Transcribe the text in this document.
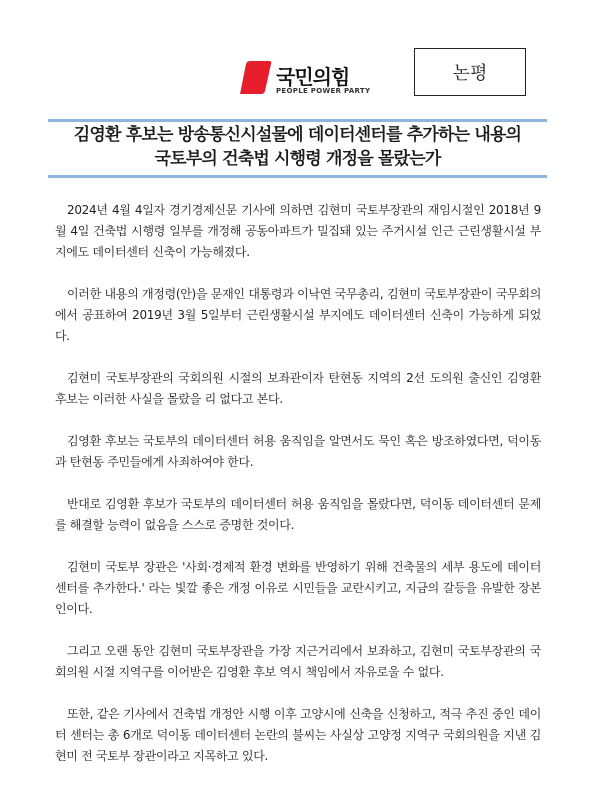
국민의힘
PEOPLE POWER PARTY
논평
김영환 후보는 방송통신시설물에 데이터센터를 추가하는 내용의
국토부의 건축법 시행령 개정을 몰랐는가

2024년 4월 4일자 경기경제신문 기사에 의하면 김현미 국토부장관의 재임시절인 2018년 9월 4일 건축법 시행령 일부를 개정해 공동아파트가 밀집돼 있는 주거시설 인근 근린생활시설 부지에도 데이터센터 신축이 가능해졌다.

이러한 내용의 개정령(안)을 문재인 대통령과 이낙연 국무총리, 김현미 국토부장관이 국무회의에서 공표하여 2019년 3월 5일부터 근린생활시설 부지에도 데이터센터 신축이 가능하게 되었다.

김현미 국토부장관의 국회의원 시절의 보좌관이자 탄현동 지역의 2선 도의원 출신인 김영환 후보는 이러한 사실을 몰랐을 리 없다고 본다.

김영환 후보는 국토부의 데이터센터 허용 움직임을 알면서도 묵인 혹은 방조하였다면, 덕이동과 탄현동 주민들에게 사죄하여야 한다.

반대로 김영환 후보가 국토부의 데이터센터 허용 움직임을 몰랐다면, 덕이동 데이터센터 문제를 해결할 능력이 없음을 스스로 증명한 것이다.

김현미 국토부 장관은 '사회·경제적 환경 변화를 반영하기 위해 건축물의 세부 용도에 데이터 센터를 추가한다.' 라는 빛깔 좋은 개정 이유로 시민들을 교란시키고, 지금의 갈등을 유발한 장본인이다.

그리고 오랜 동안 김현미 국토부장관을 가장 지근거리에서 보좌하고, 김현미 국토부장관의 국회의원 시절 지역구를 이어받은 김영환 후보 역시 책임에서 자유로울 수 없다.

또한, 같은 기사에서 건축법 개정안 시행 이후 고양시에 신축을 신청하고, 적극 추진 중인 데이터 센터는 총 6개로 덕이동 데이터센터 논란의 불씨는 사실상 고양정 지역구 국회의원을 지낸 김현미 전 국토부 장관이라고 지목하고 있다.
